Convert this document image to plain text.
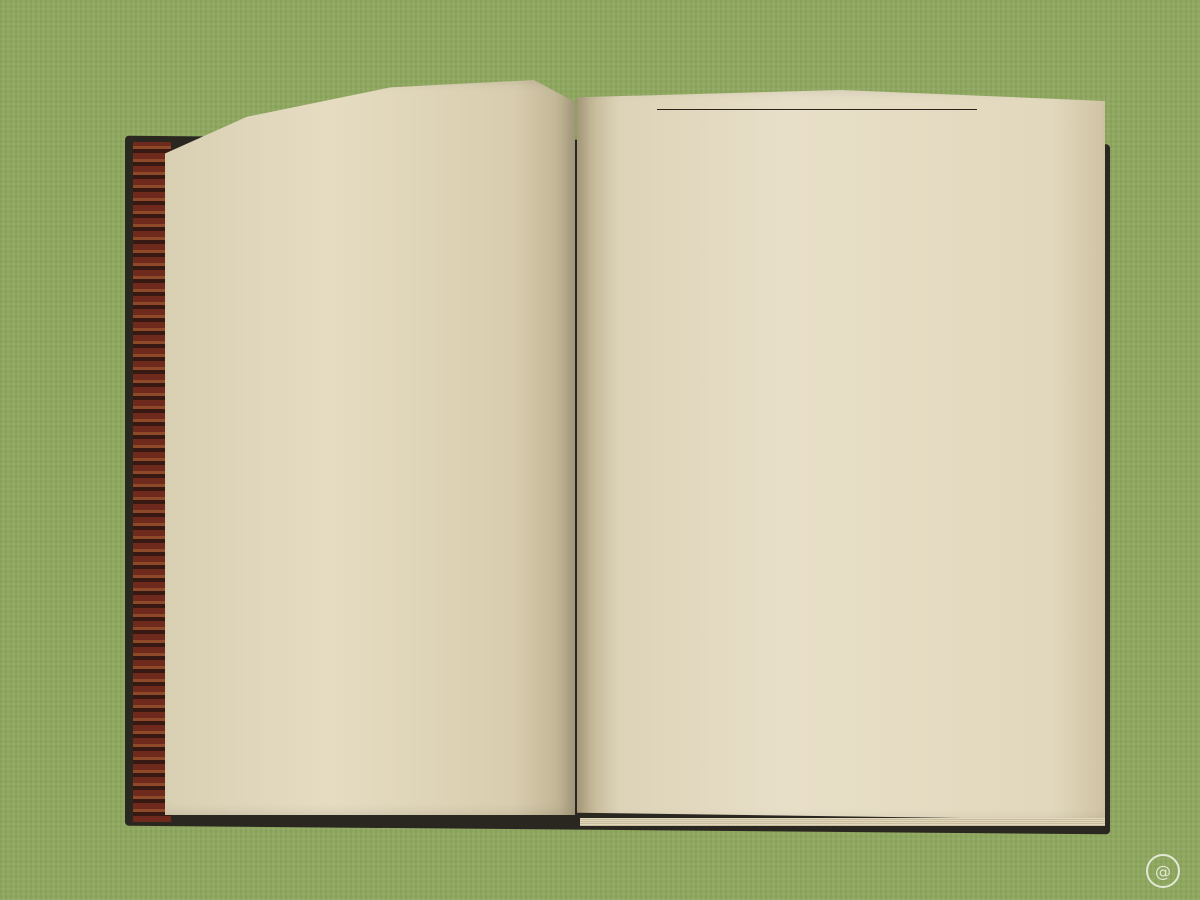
@
